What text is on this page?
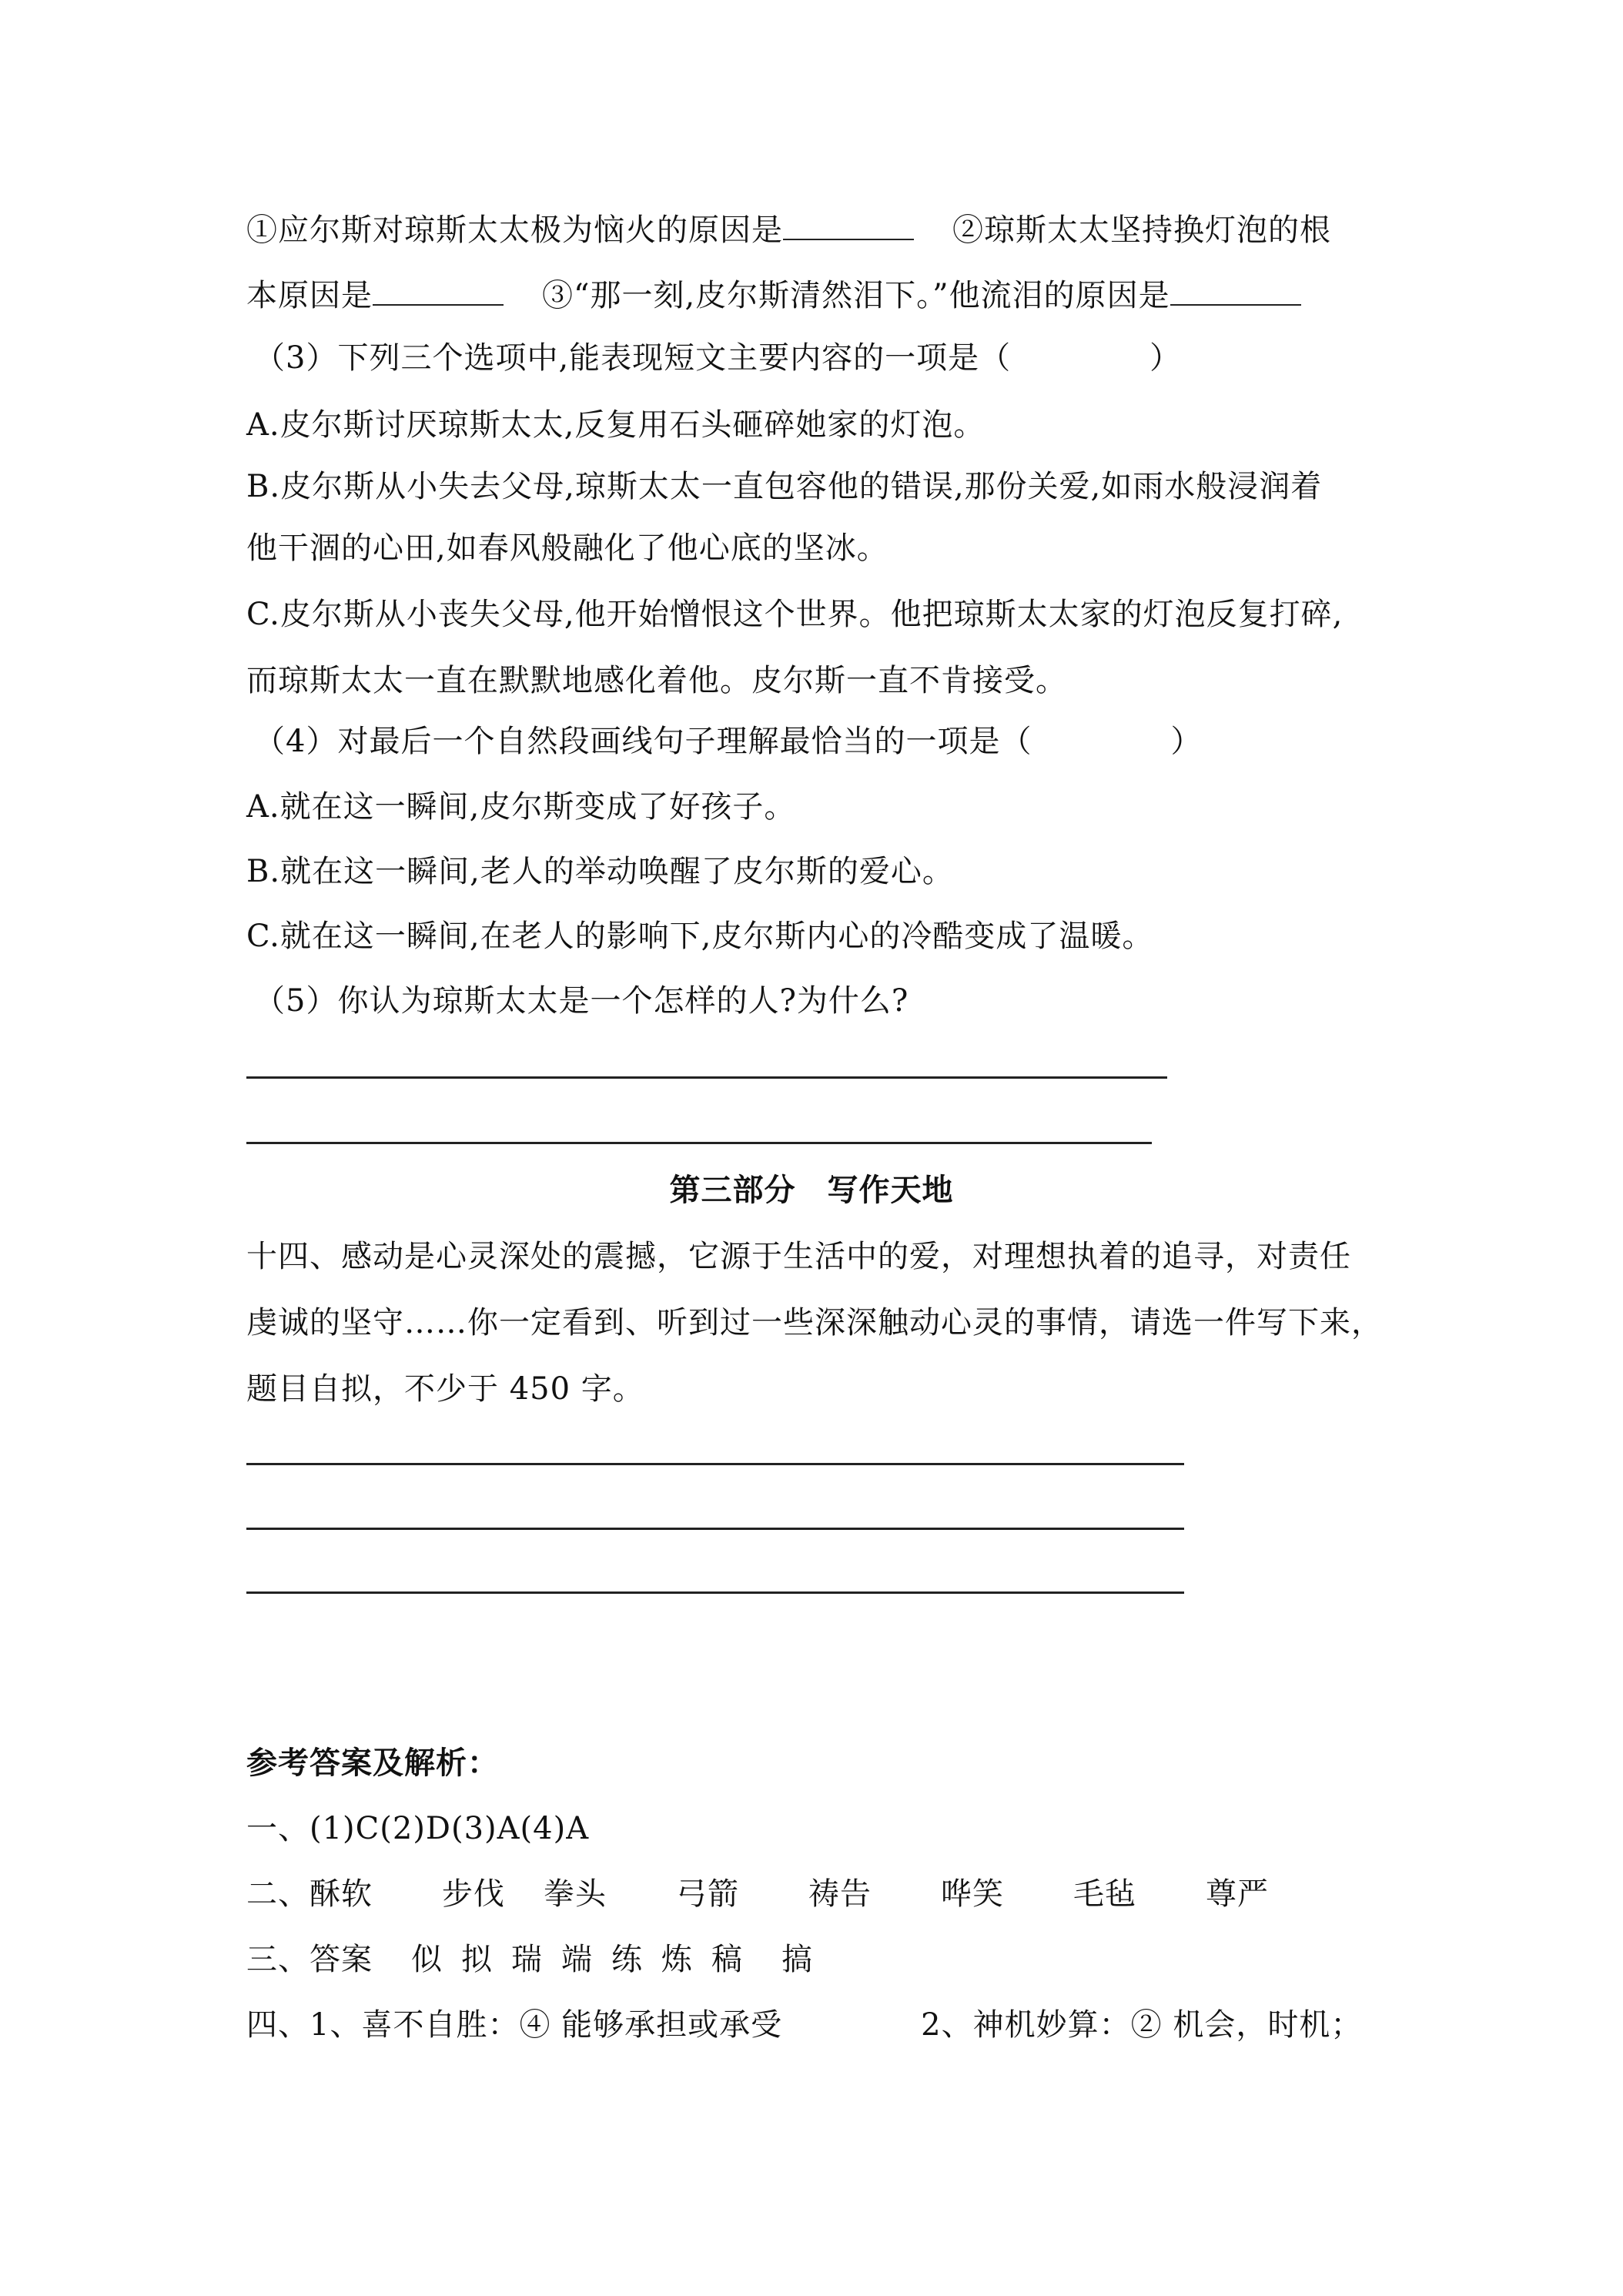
①应尔斯对琼斯太太极为恼火的原因是	②琼斯太太坚持换灯泡的根
本原因是	③“那一刻,皮尔斯清然泪下。”他流泪的原因是
（3）下列三个选项中,能表现短文主要内容的一项是（	）
A.皮尔斯讨厌琼斯太太,反复用石头砸碎她家的灯泡。
B.皮尔斯从小失去父母,琼斯太太一直包容他的错误,那份关爱,如雨水般浸润着
他干涸的心田,如春风般融化了他心底的坚冰。
C.皮尔斯从小丧失父母,他开始憎恨这个世界。他把琼斯太太家的灯泡反复打碎,
而琼斯太太一直在默默地感化着他。皮尔斯一直不肯接受。
（4）对最后一个自然段画线句子理解最恰当的一项是（	）
A.就在这一瞬间,皮尔斯变成了好孩子。
B.就在这一瞬间,老人的举动唤醒了皮尔斯的爱心。
C.就在这一瞬间,在老人的影响下,皮尔斯内心的冷酷变成了温暖。
（5）你认为琼斯太太是一个怎样的人?为什么?
第三部分　写作天地
十四、感动是心灵深处的震撼，它源于生活中的爱，对理想执着的追寻，对责任
虔诚的坚守……你一定看到、听到过一些深深触动心灵的事情，请选一件写下来，
题目自拟，不少于 450 字。
参考答案及解析：
一、(1)C(2)D(3)A(4)A
二、酥软 步伐 拳头 弓箭 祷告 哗笑 毛毡 尊严
三、答案 似 拟 瑞 端 练 炼 稿 搞
四、1、喜不自胜：④ 能够承担或承受	2、神机妙算：② 机会，时机；
